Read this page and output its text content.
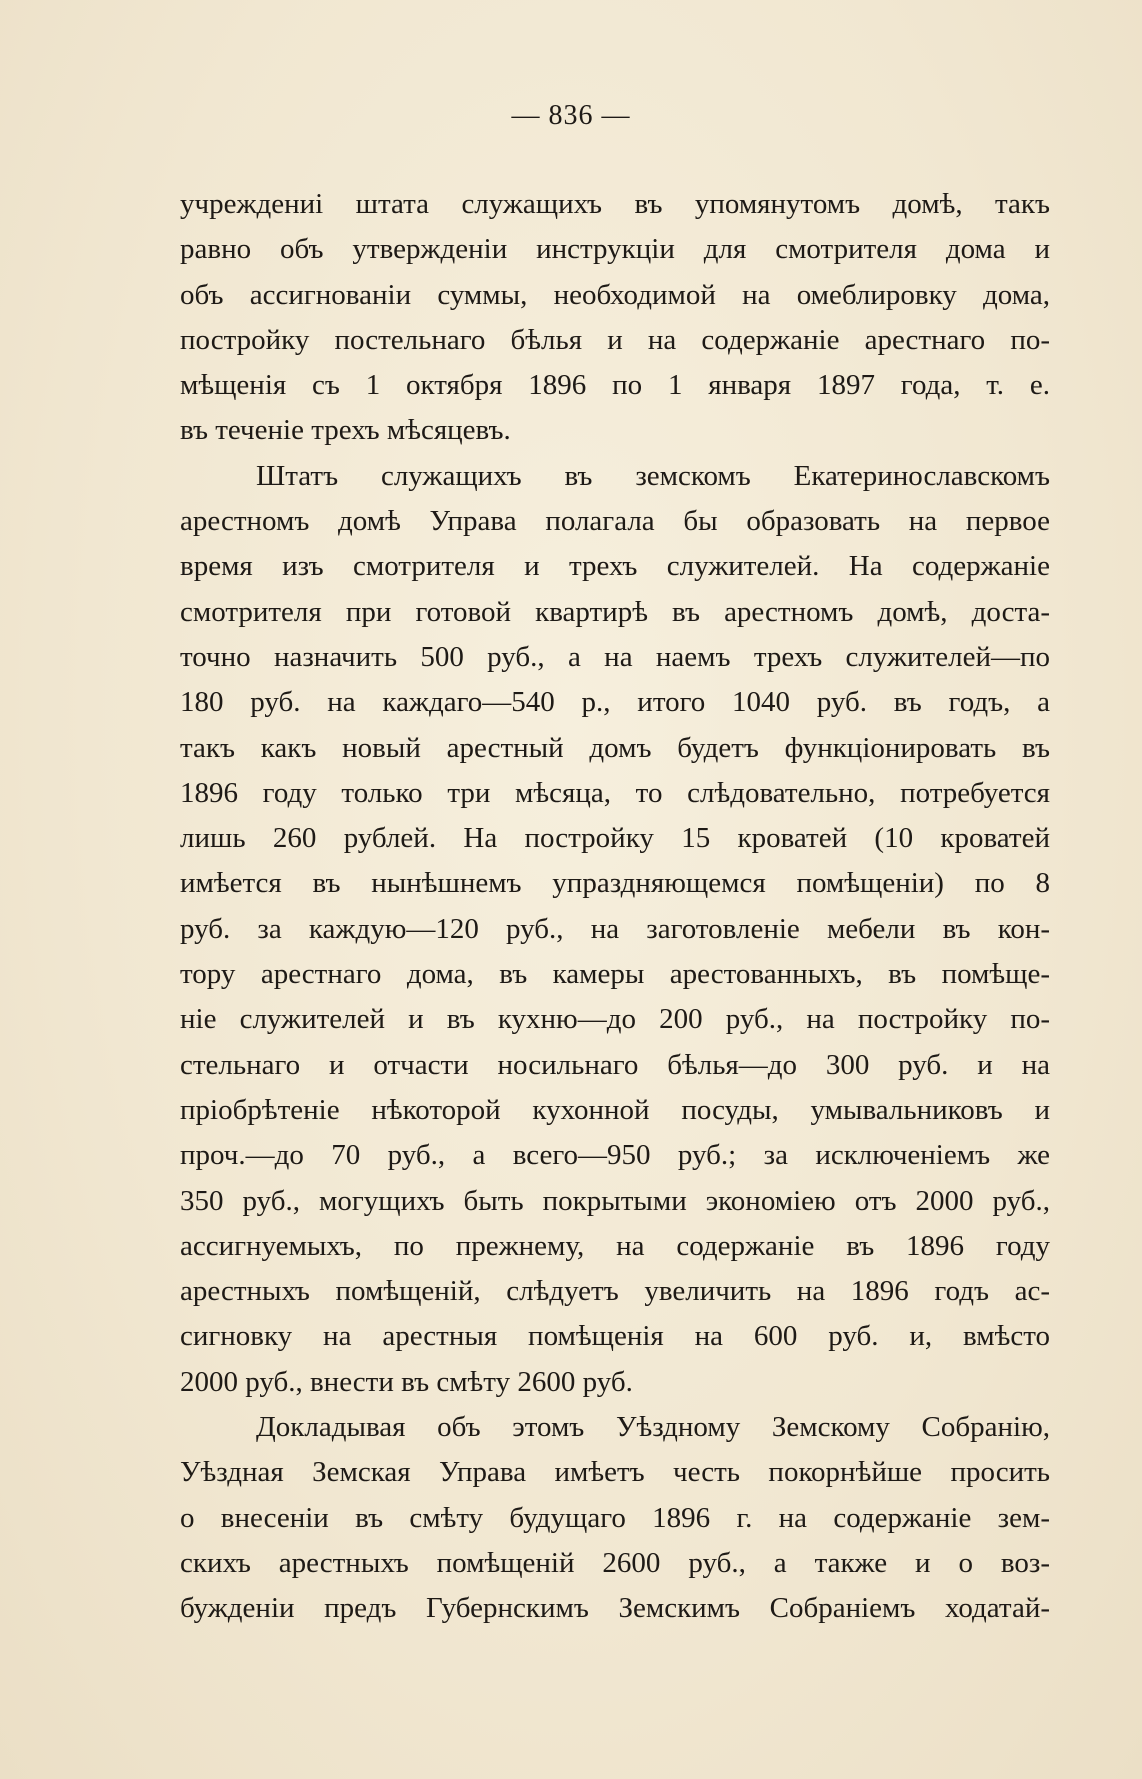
— 836 —
учреждениі штата служащихъ въ упомянутомъ домѣ, такъ
равно объ утвержденіи инструкціи для смотрителя дома и
объ ассигнованіи суммы, необходимой на омеблировку дома,
постройку постельнаго бѣлья и на содержаніе арестнаго по-
мѣщенія съ 1 октября 1896 по 1 января 1897 года, т. е.
въ теченіе трехъ мѣсяцевъ.
Штатъ служащихъ въ земскомъ Екатеринославскомъ
арестномъ домѣ Управа полагала бы образовать на первое
время изъ смотрителя и трехъ служителей. На содержаніе
смотрителя при готовой квартирѣ въ арестномъ домѣ, доста-
точно назначить 500 руб., а на наемъ трехъ служителей—по
180 руб. на каждаго—540 р., итого 1040 руб. въ годъ, а
такъ какъ новый арестный домъ будетъ функціонировать въ
1896 году только три мѣсяца, то слѣдовательно, потребуется
лишь 260 рублей. На постройку 15 кроватей (10 кроватей
имѣется въ нынѣшнемъ упраздняющемся помѣщеніи) по 8
руб. за каждую—120 руб., на заготовленіе мебели въ кон-
тору арестнаго дома, въ камеры арестованныхъ, въ помѣще-
ніе служителей и въ кухню—до 200 руб., на постройку по-
стельнаго и отчасти носильнаго бѣлья—до 300 руб. и на
пріобрѣтеніе нѣкоторой кухонной посуды, умывальниковъ и
проч.—до 70 руб., а всего—950 руб.; за исключеніемъ же
350 руб., могущихъ быть покрытыми экономіею отъ 2000 руб.,
ассигнуемыхъ, по прежнему, на содержаніе въ 1896 году
арестныхъ помѣщеній, слѣдуетъ увеличить на 1896 годъ ас-
сигновку на арестныя помѣщенія на 600 руб. и, вмѣсто
2000 руб., внести въ смѣту 2600 руб.
Докладывая объ этомъ Уѣздному Земскому Собранію,
Уѣздная Земская Управа имѣетъ честь покорнѣйше просить
о внесеніи въ смѣту будущаго 1896 г. на содержаніе зем-
скихъ арестныхъ помѣщеній 2600 руб., а также и о воз-
бужденіи предъ Губернскимъ Земскимъ Собраніемъ ходатай-
